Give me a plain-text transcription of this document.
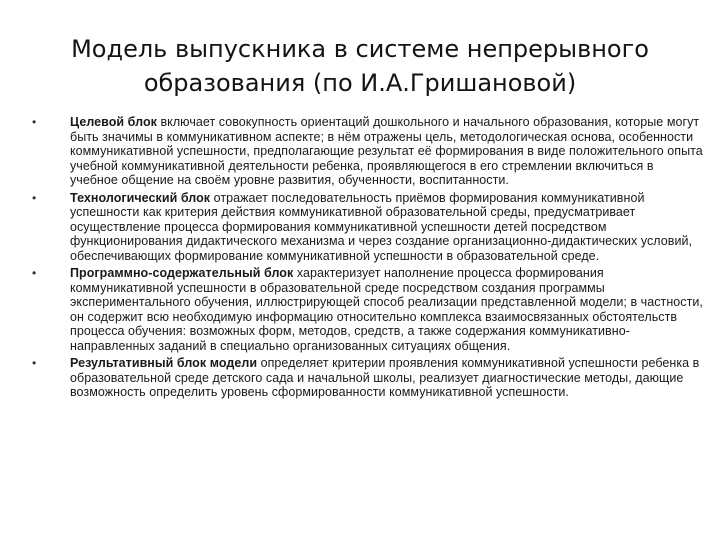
Модель выпускника в системе непрерывного образования (по И.А.Гришановой)
•	Целевой блок включает совокупность ориентаций дошкольного и начального образования, которые могут быть значимы в коммуникативном аспекте; в нём отражены цель, методологическая основа, особенности коммуникативной успешности, предполагающие результат её формирования в виде положительного опыта учебной коммуникативной деятельности ребенка, проявляющегося в его стремлении включиться в учебное общение на своём уровне развития, обученности, воспитанности.
•	Технологический блок отражает последовательность приёмов формирования коммуникативной успешности как критерия действия коммуникативной образовательной среды, предусматривает осуществление процесса формирования коммуникативной успешности детей посредством функционирования дидактического механизма и через создание организационно-дидактических условий, обеспечивающих формирование коммуникативной успешности в образовательной среде.
•	Программно-содержательный блок характеризует наполнение процесса формирования коммуникативной успешности в образовательной среде посредством создания программы экспериментального обучения, иллюстрирующей способ реализации представленной модели; в частности, он содержит всю необходимую информацию относительно комплекса взаимосвязанных обстоятельств процесса обучения: возможных форм, методов, средств, а также содержания коммуникативно-направленных заданий в специально организованных ситуациях общения.
•	Результативный блок модели определяет критерии проявления коммуникативной успешности ребенка в образовательной среде детского сада и начальной школы, реализует диагностические методы, дающие возможность определить уровень сформированности коммуникативной успешности.
